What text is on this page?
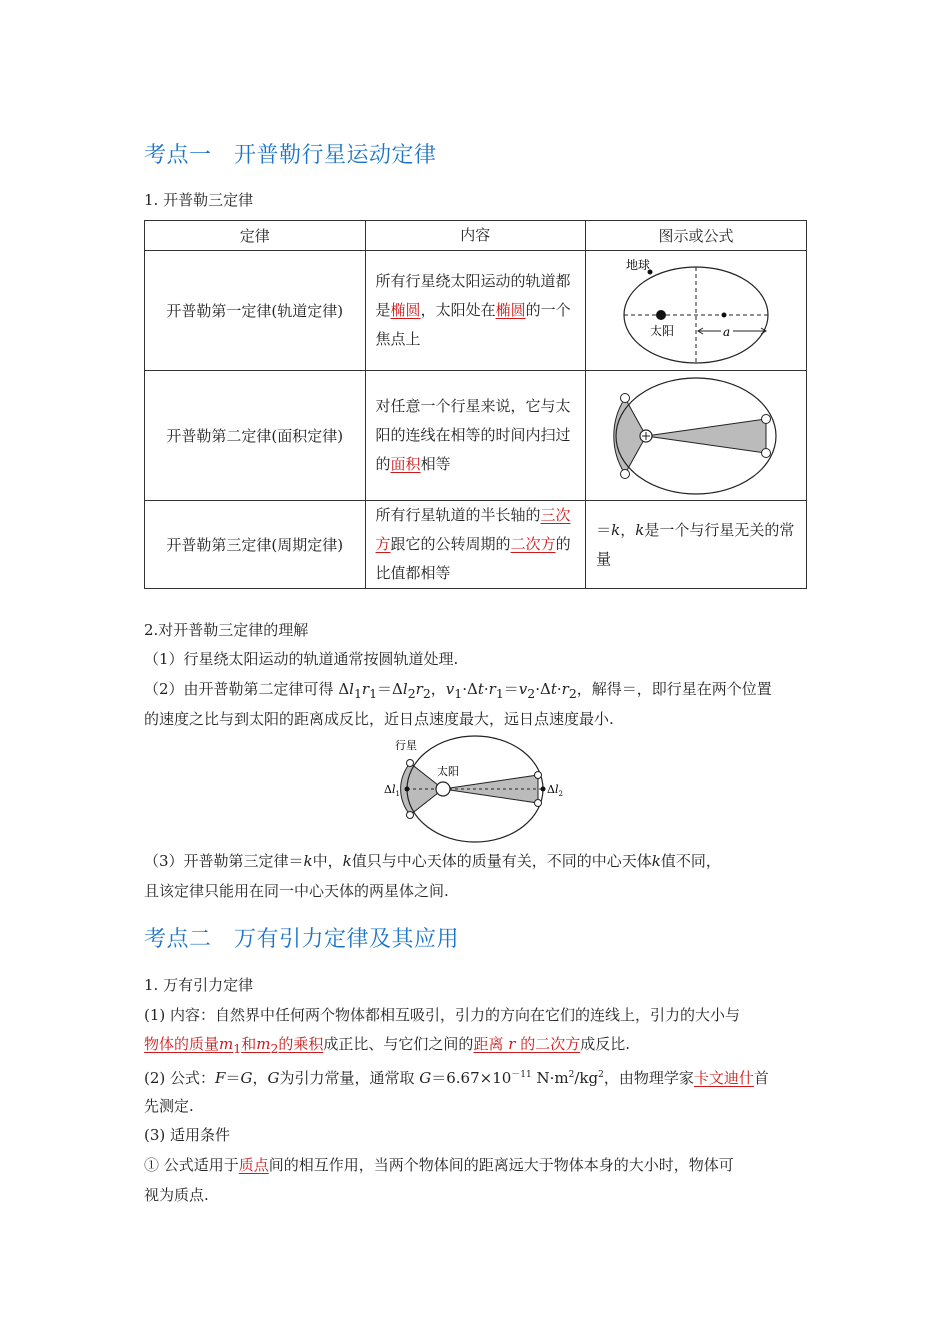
考点一　开普勒行星运动定律
1. 开普勒三定律
定律	内容	图示或公式
开普勒第一定律(轨道定律)	所有行星绕太阳运动的轨道都是椭圆，太阳处在椭圆的一个焦点上	地球
太阳 a

开普勒第二定律(面积定律)	对任意一个行星来说，它与太阳的连线在相等的时间内扫过的面积相等	

开普勒第三定律(周期定律)	所有行星轨道的半长轴的三次方跟它的公转周期的二次方的比值都相等	＝k，k是一个与行星无关的常量
2.对开普勒三定律的理解
（1）行星绕太阳运动的轨道通常按圆轨道处理.
（2）由开普勒第二定律可得 $\Delta l_1r_1=\Delta l_2r_2$，$v_1\cdot\Delta t\cdot r_1=v_2\cdot\Delta t\cdot r_2$，解得＝，即行星在两个位置
的速度之比与到太阳的距离成反比，近日点速度最大，远日点速度最小.
行星
太阳
$\Delta l_1$	$\Delta l_2$
（3）开普勒第三定律＝k中，k值只与中心天体的质量有关，不同的中心天体k值不同，
且该定律只能用在同一中心天体的两星体之间.
考点二　万有引力定律及其应用
1. 万有引力定律
(1) 内容：自然界中任何两个物体都相互吸引，引力的方向在它们的连线上，引力的大小与
物体的质量$m_1$和$m_2$的乘积成正比、与它们之间的距离 r 的二次方成反比.
(2) 公式：F＝G，G为引力常量，通常取 $G=6.67\times 10^{-11}$ $N\cdot m^2/kg^2$，由物理学家卡文迪什首
先测定.
(3) 适用条件
① 公式适用于质点间的相互作用，当两个物体间的距离远大于物体本身的大小时，物体可
视为质点.
